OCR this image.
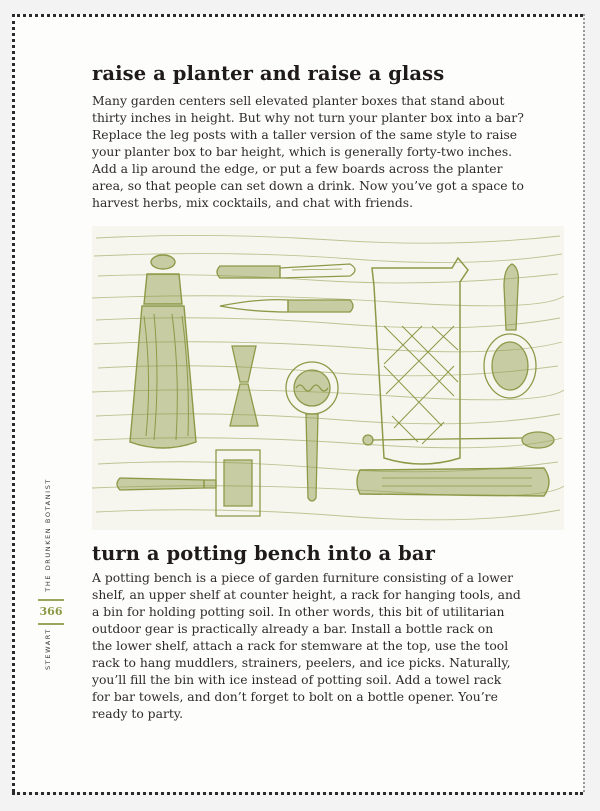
raise a planter and raise a glass
Many garden centers sell elevated planter boxes that stand about
thirty inches in height. But why not turn your planter box into a bar?
Replace the leg posts with a taller version of the same style to raise
your planter box to bar height, which is generally forty-two inches.
Add a lip around the edge, or put a few boards across the planter
area, so that people can set down a drink. Now you’ve got a space to
harvest herbs, mix cocktails, and chat with friends.
turn a potting bench into a bar
A potting bench is a piece of garden furniture consisting of a lower
shelf, an upper shelf at counter height, a rack for hanging tools, and
a bin for holding potting soil. In other words, this bit of utilitarian
outdoor gear is practically already a bar. Install a bottle rack on
the lower shelf, attach a rack for stemware at the top, use the tool
rack to hang muddlers, strainers, peelers, and ice picks. Naturally,
you’ll fill the bin with ice instead of potting soil. Add a towel rack
for bar towels, and don’t forget to bolt on a bottle opener. You’re
ready to party.
THE DRUNKEN BOTANIST
366
STEWART
